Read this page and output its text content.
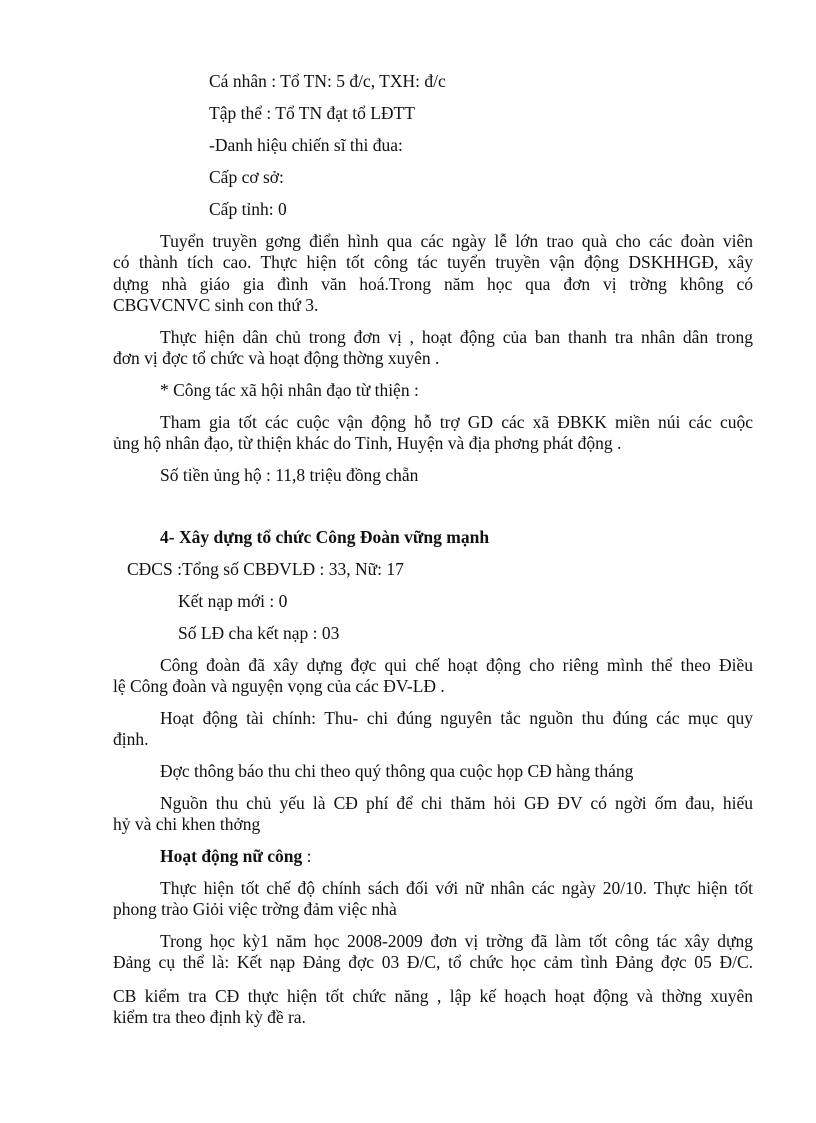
Cá nhân : Tổ TN: 5 đ/c, TXH: đ/c

Tập thể : Tổ TN đạt tổ LĐTT

-Danh hiệu chiến sĩ thi đua:

Cấp cơ sở:

Cấp tỉnh: 0

Tuyển truyền gơng điển hình qua các ngày lễ lớn trao quà cho các đoàn viên

có thành tích cao. Thực hiện tốt công tác tuyển truyền vận động DSKHHGĐ, xây

dựng nhà giáo gia đình văn hoá.Trong năm học qua đơn vị trờng không có

CBGVCNVC sinh con thứ 3.

Thực hiện dân chủ trong đơn vị , hoạt động của ban thanh tra nhân dân trong

đơn vị đợc tổ chức và hoạt động thờng xuyên .

* Công tác xã hội nhân đạo từ thiện :

Tham gia tốt các cuộc vận động hỗ trợ GD các xã ĐBKK miền núi các cuộc

ủng hộ nhân đạo, từ thiện khác do Tỉnh, Huyện và địa phơng phát động .

Số tiền ủng hộ : 11,8 triệu đồng chẵn

4- Xây dựng tổ chức Công Đoàn vững mạnh

CĐCS :Tổng số CBĐVLĐ : 33, Nữ: 17

Kết nạp mới : 0

Số LĐ cha kết nạp : 03

Công đoàn đã xây dựng đợc qui chế hoạt động cho riêng mình thể theo Điều

lệ Công đoàn và nguyện vọng của các ĐV-LĐ .

Hoạt động tài chính: Thu- chi đúng nguyên tắc nguồn thu đúng các mục quy

định.

Đợc thông báo thu chi theo quý thông qua cuộc họp CĐ hàng tháng

Nguồn thu chủ yếu là CĐ phí để chi thăm hỏi GĐ ĐV có ngời ốm đau, hiếu

hỷ và chi khen thởng

Hoạt động nữ công :

Thực hiện tốt chế độ chính sách đối với nữ nhân các ngày 20/10. Thực hiện tốt

phong trào Giỏi việc trờng đảm việc nhà

Trong học kỳ1 năm học 2008-2009 đơn vị trờng đã làm tốt công tác xây dựng

Đảng cụ thể là: Kết nạp Đảng đợc 03 Đ/C, tổ chức học cảm tình Đảng đợc 05 Đ/C.

CB kiểm tra CĐ thực hiện tốt chức năng , lập kế hoạch hoạt động và thờng xuyên

kiểm tra theo định kỳ đề ra.
